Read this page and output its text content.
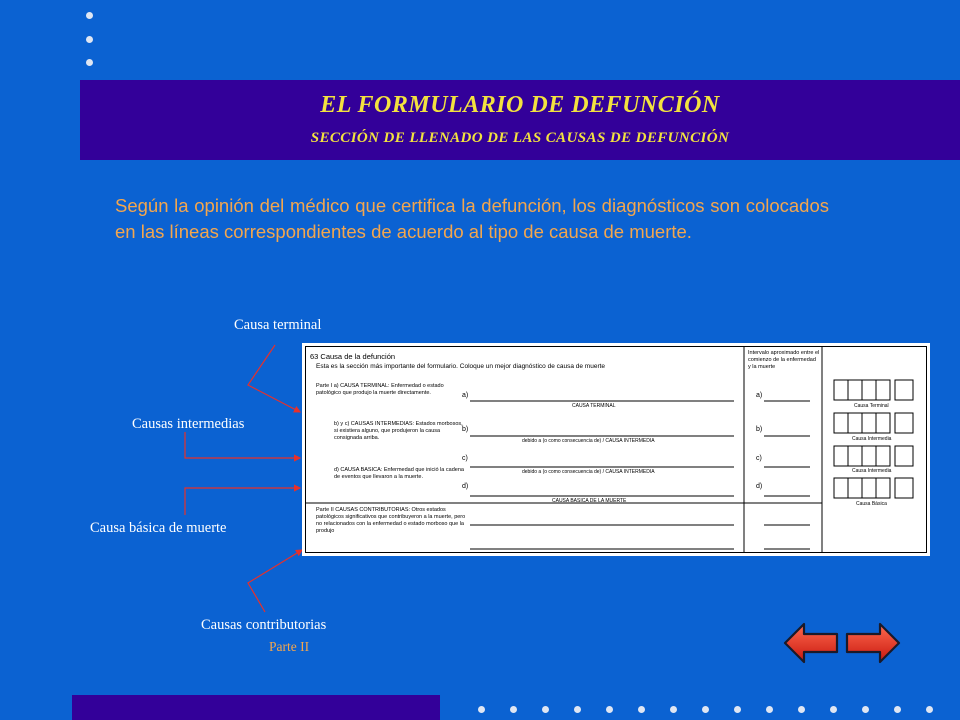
EL FORMULARIO DE DEFUNCIÓN
SECCIÓN DE LLENADO DE LAS CAUSAS DE DEFUNCIÓN
Según la opinión del médico que certifica la defunción, los diagnósticos son colocados en las líneas correspondientes de acuerdo al tipo de causa de muerte.
Causa terminal
Causas intermedias
Causa básica de muerte
Causas contributorias
Parte II
63 Causa de la defunción
Esta es la sección más importante del formulario. Coloque un mejor diagnóstico de causa de muerte
Intervalo aproximado entre el comienzo de la enfermedad y la muerte
Parte I a) CAUSA TERMINAL: Enfermedad o estado patológico que produjo la muerte directamente.
b) y c) CAUSAS INTERMEDIAS: Estados morbosos, si existiera alguno, que produjeron la causa consignada arriba.
d) CAUSA BASICA: Enfermedad que inició la cadena de eventos que llevaron a la muerte.
Parte II CAUSAS CONTRIBUTORIAS: Otros estados patológicos significativos que contribuyeron a la muerte, pero no relacionados con la enfermedad o estado morboso que la produjo
a)
b)
c)
d)
a)
b)
c)
d)
CAUSA TERMINAL
debido a (o como consecuencia de) / CAUSA INTERMEDIA
debido a (o como consecuencia de) / CAUSA INTERMEDIA
CAUSA BASICA DE LA MUERTE
Causa Terminal
Causa Intermedia
Causa Intermedia
Causa Básica
